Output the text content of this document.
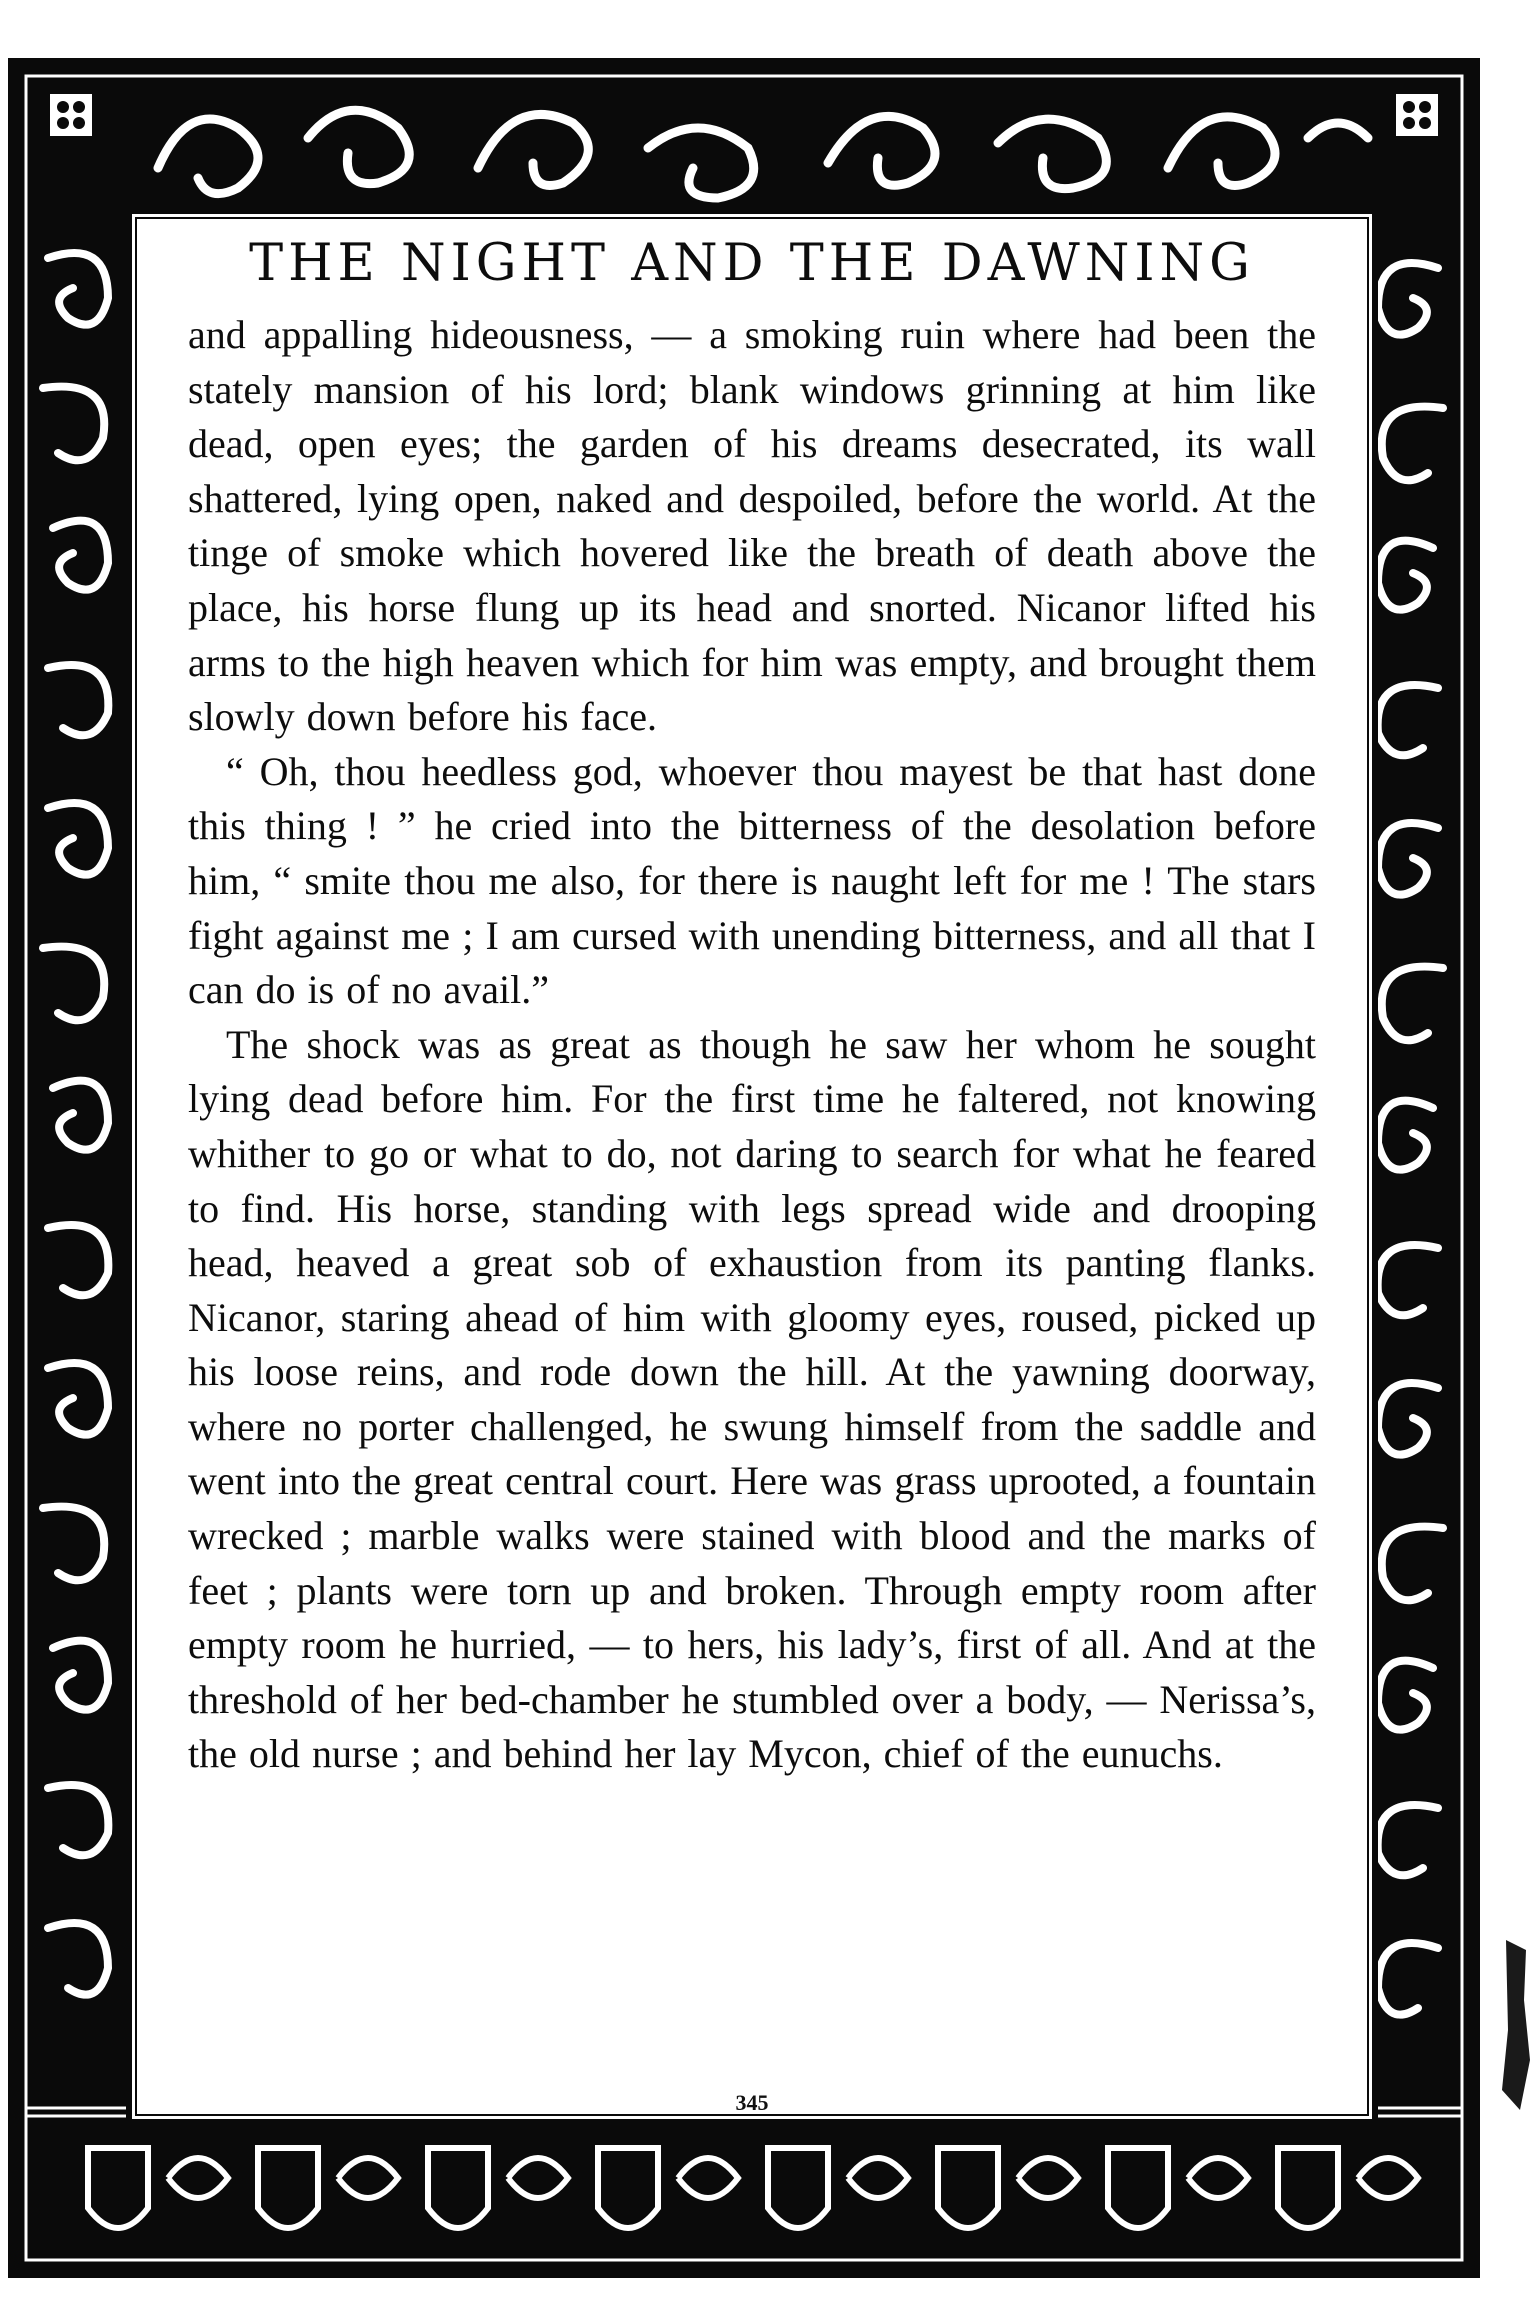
THE NIGHT AND THE DAWNING

and appalling hideousness, — a smoking ruin where had been the stately mansion of his lord; blank windows grinning at him like dead, open eyes; the garden of his dreams desecrated, its wall shattered, lying open, naked and despoiled, before the world. At the tinge of smoke which hovered like the breath of death above the place, his horse flung up its head and snorted. Nicanor lifted his arms to the high heaven which for him was empty, and brought them slowly down before his face.

“ Oh, thou heedless god, whoever thou mayest be that hast done this thing ! ” he cried into the bitterness of the desolation before him, “ smite thou me also, for there is naught left for me ! The stars fight against me ; I am cursed with unending bitterness, and all that I can do is of no avail.”

The shock was as great as though he saw her whom he sought lying dead before him. For the first time he faltered, not knowing whither to go or what to do, not daring to search for what he feared to find. His horse, standing with legs spread wide and drooping head, heaved a great sob of exhaustion from its panting flanks. Nicanor, staring ahead of him with gloomy eyes, roused, picked up his loose reins, and rode down the hill. At the yawning doorway, where no porter challenged, he swung himself from the saddle and went into the great central court. Here was grass uprooted, a fountain wrecked ; marble walks were stained with blood and the marks of feet ; plants were torn up and broken. Through empty room after empty room he hurried, — to hers, his lady’s, first of all. And at the threshold of her bed-chamber he stumbled over a body, — Nerissa’s, the old nurse ; and behind her lay Mycon, chief of the eunuchs.

345
